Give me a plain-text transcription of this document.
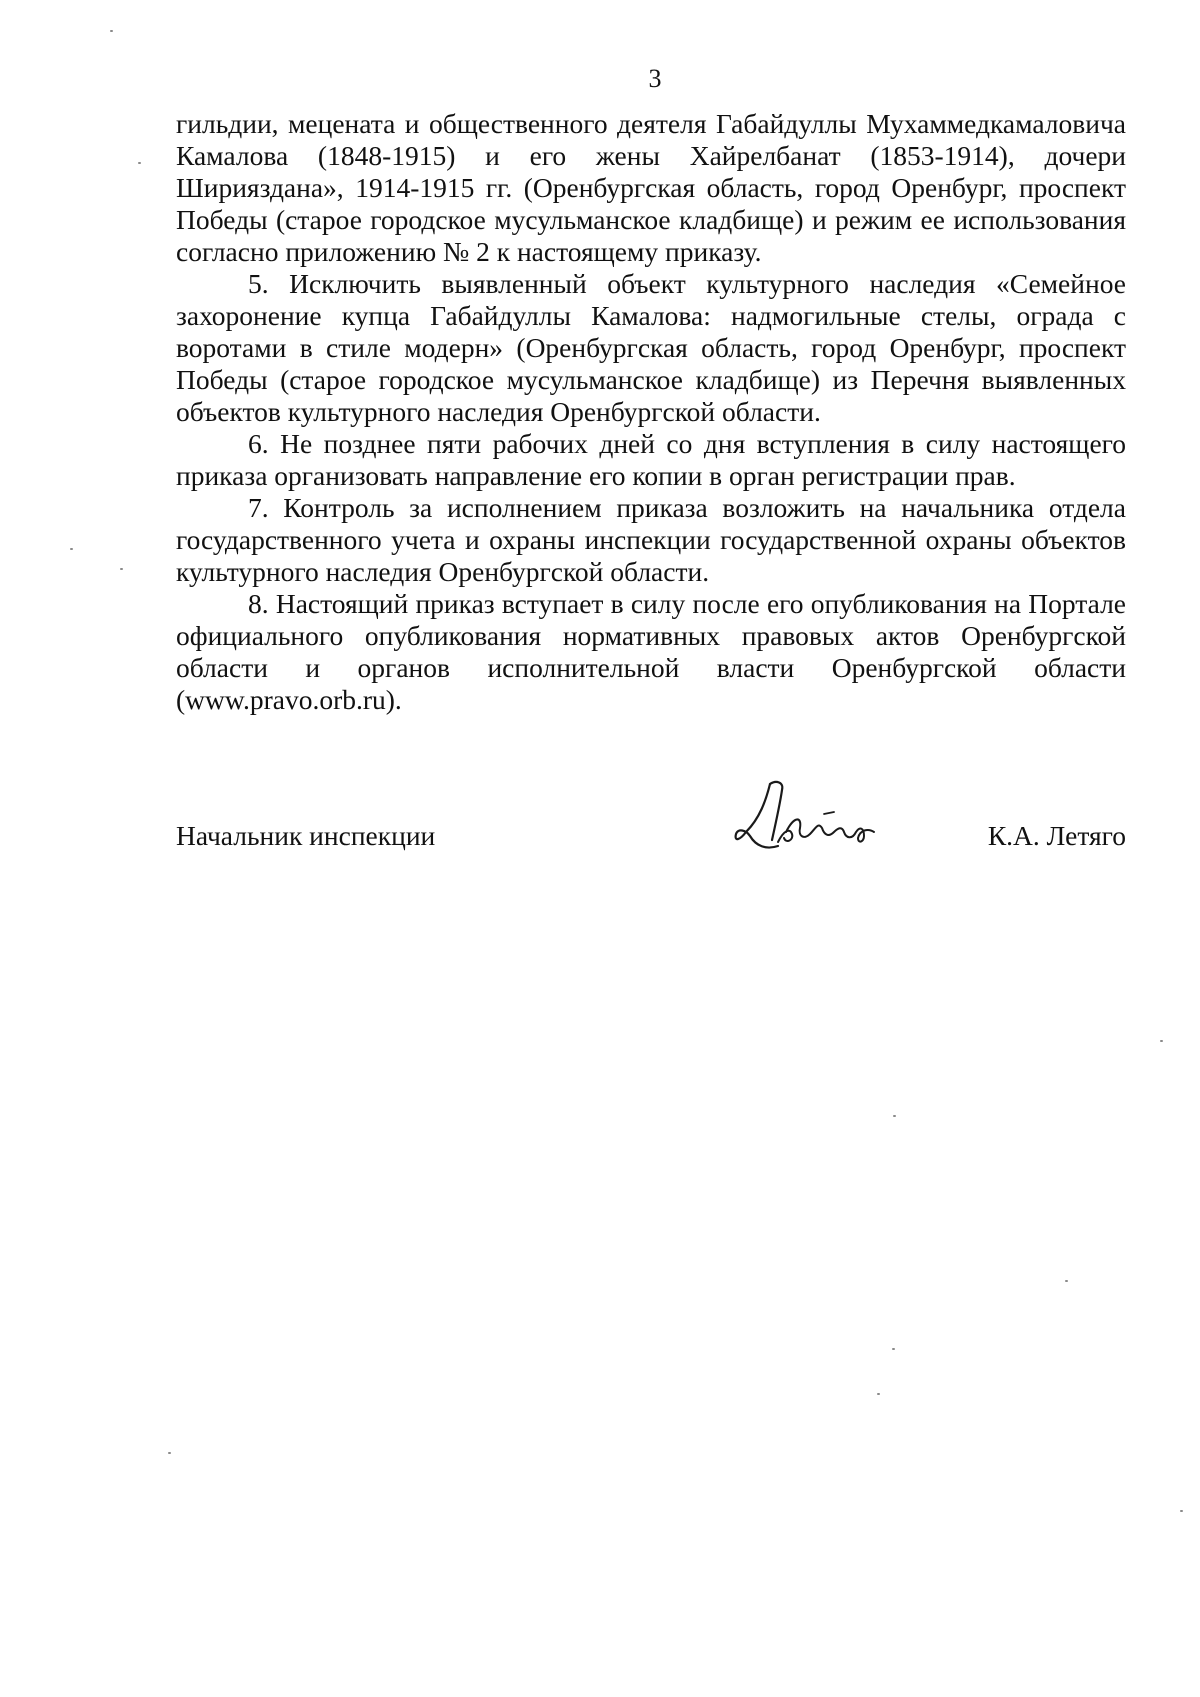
3

гильдии, мецената и общественного деятеля Габайдуллы Мухаммедкамаловича Камалова (1848-1915) и его жены Хайрелбанат (1853-1914), дочери Ширияздана», 1914-1915 гг. (Оренбургская область, город Оренбург, проспект Победы (старое городское мусульманское кладбище) и режим ее использования согласно приложению № 2 к настоящему приказу.

5. Исключить выявленный объект культурного наследия «Семейное захоронение купца Габайдуллы Камалова: надмогильные стелы, ограда с воротами в стиле модерн» (Оренбургская область, город Оренбург, проспект Победы (старое городское мусульманское кладбище) из Перечня выявленных объектов культурного наследия Оренбургской области.

6. Не позднее пяти рабочих дней со дня вступления в силу настоящего приказа организовать направление его копии в орган регистрации прав.

7. Контроль за исполнением приказа возложить на начальника отдела государственного учета и охраны инспекции государственной охраны объектов культурного наследия Оренбургской области.

8. Настоящий приказ вступает в силу после его опубликования на Портале официального опубликования нормативных правовых актов Оренбургской области и органов исполнительной власти Оренбургской области (www.pravo.orb.ru).

Начальник инспекции	К.А. Летяго
